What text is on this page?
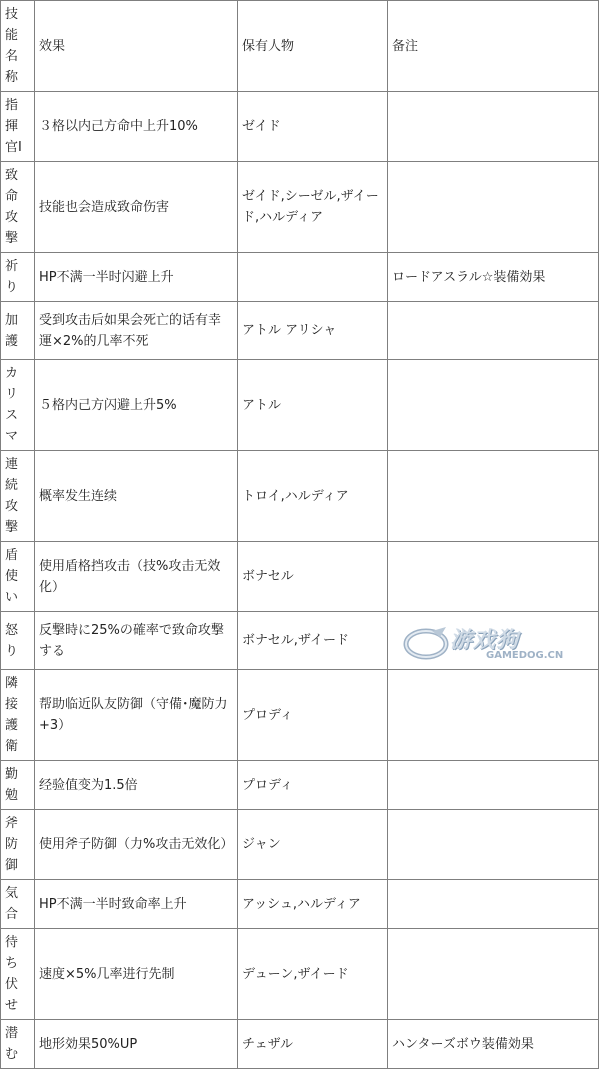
技能名称	效果	保有人物	备注
指揮官Ⅰ	３格以内己方命中上升10%	ゼイド	
致命攻撃	技能也会造成致命伤害	ゼイド,シーゼル,ザイード,ハルディア	
祈り	HP不满一半时闪避上升		ロードアスラル☆装備効果
加護	受到攻击后如果会死亡的话有幸運×2%的几率不死	アトル アリシャ	
カリスマ	５格内己方闪避上升5%	アトル	
連続攻撃	概率发生连续	トロイ,ハルディア	
盾使い	使用盾格挡攻击（技%攻击无效化）	ボナセル	
怒り	反撃時に25%の確率で致命攻撃する	ボナセル,ザイード	
隣接護衛	帮助临近队友防御（守備･魔防力+3）	プロディ	
勤勉	经验值变为1.5倍	プロディ	
斧防御	使用斧子防御（力%攻击无效化）	ジャン	
気合	HP不满一半时致命率上升	アッシュ,ハルディア	
待ち伏せ	速度×5%几率进行先制	デューン,ザイード	
潜む	地形効果50%UP	チェザル	ハンターズボウ装備効果
游戏狗
GAMEDOG.CN
